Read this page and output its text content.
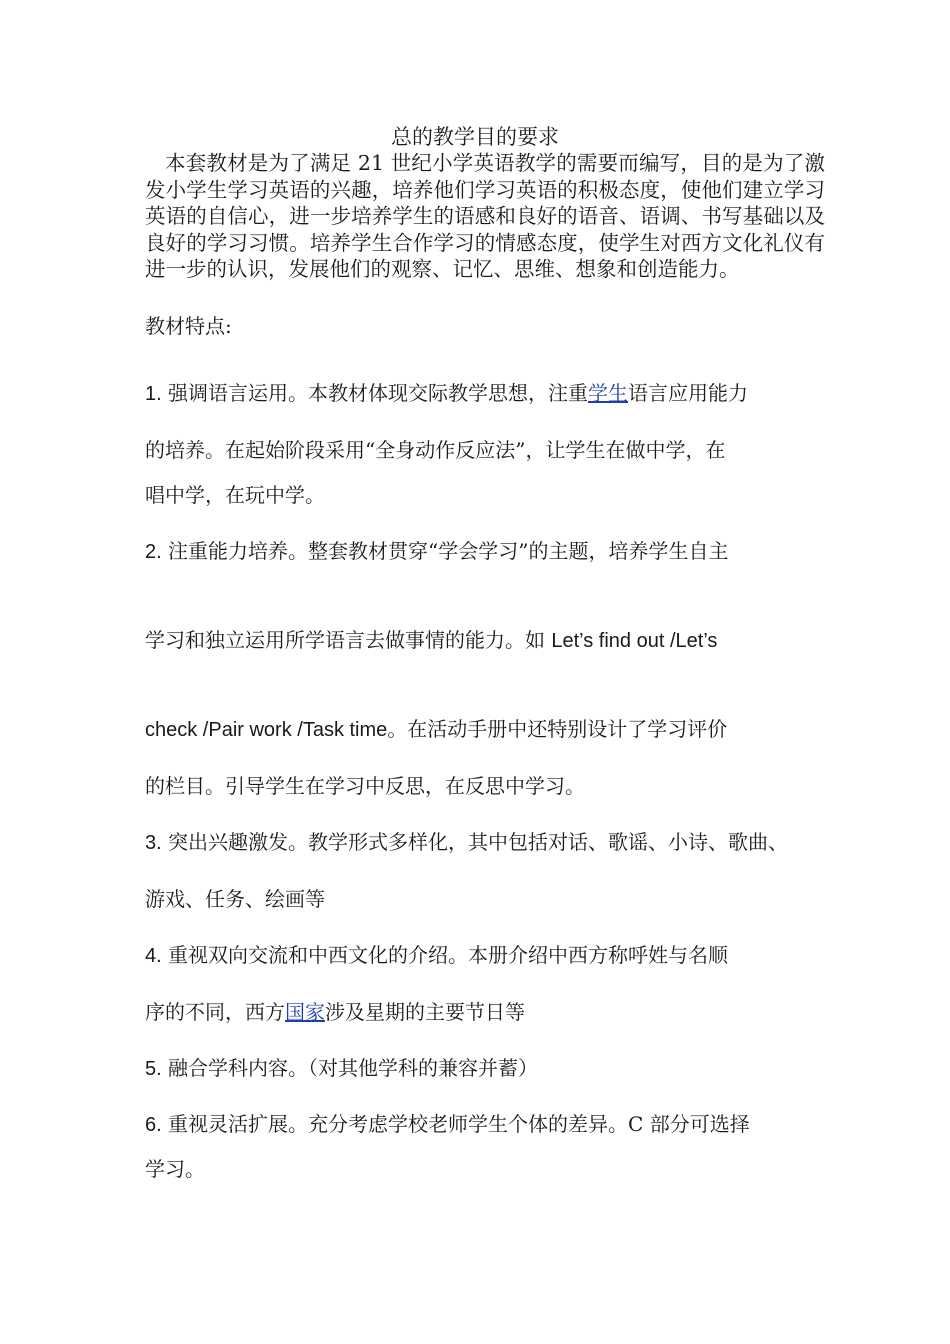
总的教学目的要求
本套教材是为了满足 21 世纪小学英语教学的需要而编写，目的是为了激发小学生学习英语的兴趣，培养他们学习英语的积极态度，使他们建立学习英语的自信心，进一步培养学生的语感和良好的语音、语调、书写基础以及良好的学习习惯。培养学生合作学习的情感态度，使学生对西方文化礼仪有进一步的认识，发展他们的观察、记忆、思维、想象和创造能力。
教材特点:
1. 强调语言运用。本教材体现交际教学思想，注重学生语言应用能力
的培养。在起始阶段采用“全身动作反应法”，让学生在做中学，在
唱中学，在玩中学。
2. 注重能力培养。整套教材贯穿“学会学习”的主题，培养学生自主
学习和独立运用所学语言去做事情的能力。如 Let’s find out /Let’s
check /Pair work /Task time。在活动手册中还特别设计了学习评价
的栏目。引导学生在学习中反思，在反思中学习。
3. 突出兴趣激发。教学形式多样化，其中包括对话、歌谣、小诗、歌曲、
游戏、任务、绘画等
4. 重视双向交流和中西文化的介绍。本册介绍中西方称呼姓与名顺
序的不同，西方国家涉及星期的主要节日等
5. 融合学科内容。（对其他学科的兼容并蓄）
6. 重视灵活扩展。充分考虑学校老师学生个体的差异。C 部分可选择
学习。
